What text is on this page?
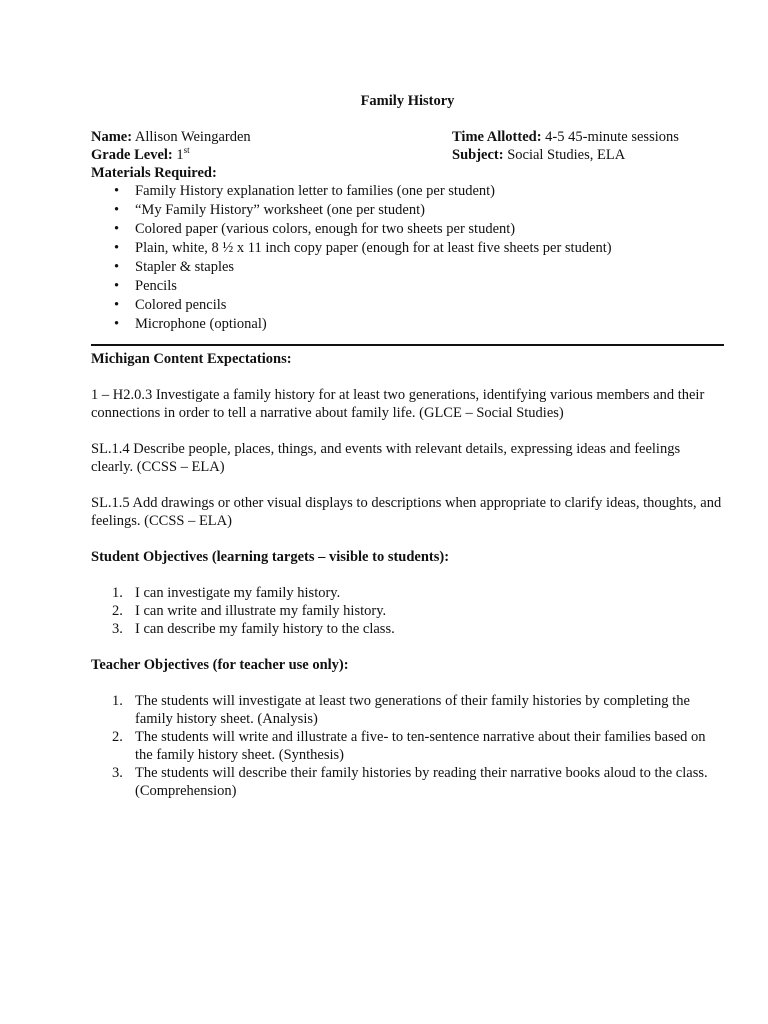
Family History
Name: Allison Weingarden	Time Allotted: 4-5 45-minute sessions
Grade Level: 1st	Subject: Social Studies, ELA
Materials Required:
• Family History explanation letter to families (one per student)
• “My Family History” worksheet (one per student)
• Colored paper (various colors, enough for two sheets per student)
• Plain, white, 8 ½ x 11 inch copy paper (enough for at least five sheets per student)
• Stapler & staples
• Pencils
• Colored pencils
• Microphone (optional)
Michigan Content Expectations:
1 – H2.0.3 Investigate a family history for at least two generations, identifying various members and their connections in order to tell a narrative about family life. (GLCE – Social Studies)
SL.1.4 Describe people, places, things, and events with relevant details, expressing ideas and feelings clearly. (CCSS – ELA)
SL.1.5 Add drawings or other visual displays to descriptions when appropriate to clarify ideas, thoughts, and feelings. (CCSS – ELA)
Student Objectives (learning targets – visible to students):
1. I can investigate my family history.
2. I can write and illustrate my family history.
3. I can describe my family history to the class.
Teacher Objectives (for teacher use only):
1. The students will investigate at least two generations of their family histories by completing the family history sheet. (Analysis)
2. The students will write and illustrate a five- to ten-sentence narrative about their families based on the family history sheet. (Synthesis)
3. The students will describe their family histories by reading their narrative books aloud to the class. (Comprehension)
